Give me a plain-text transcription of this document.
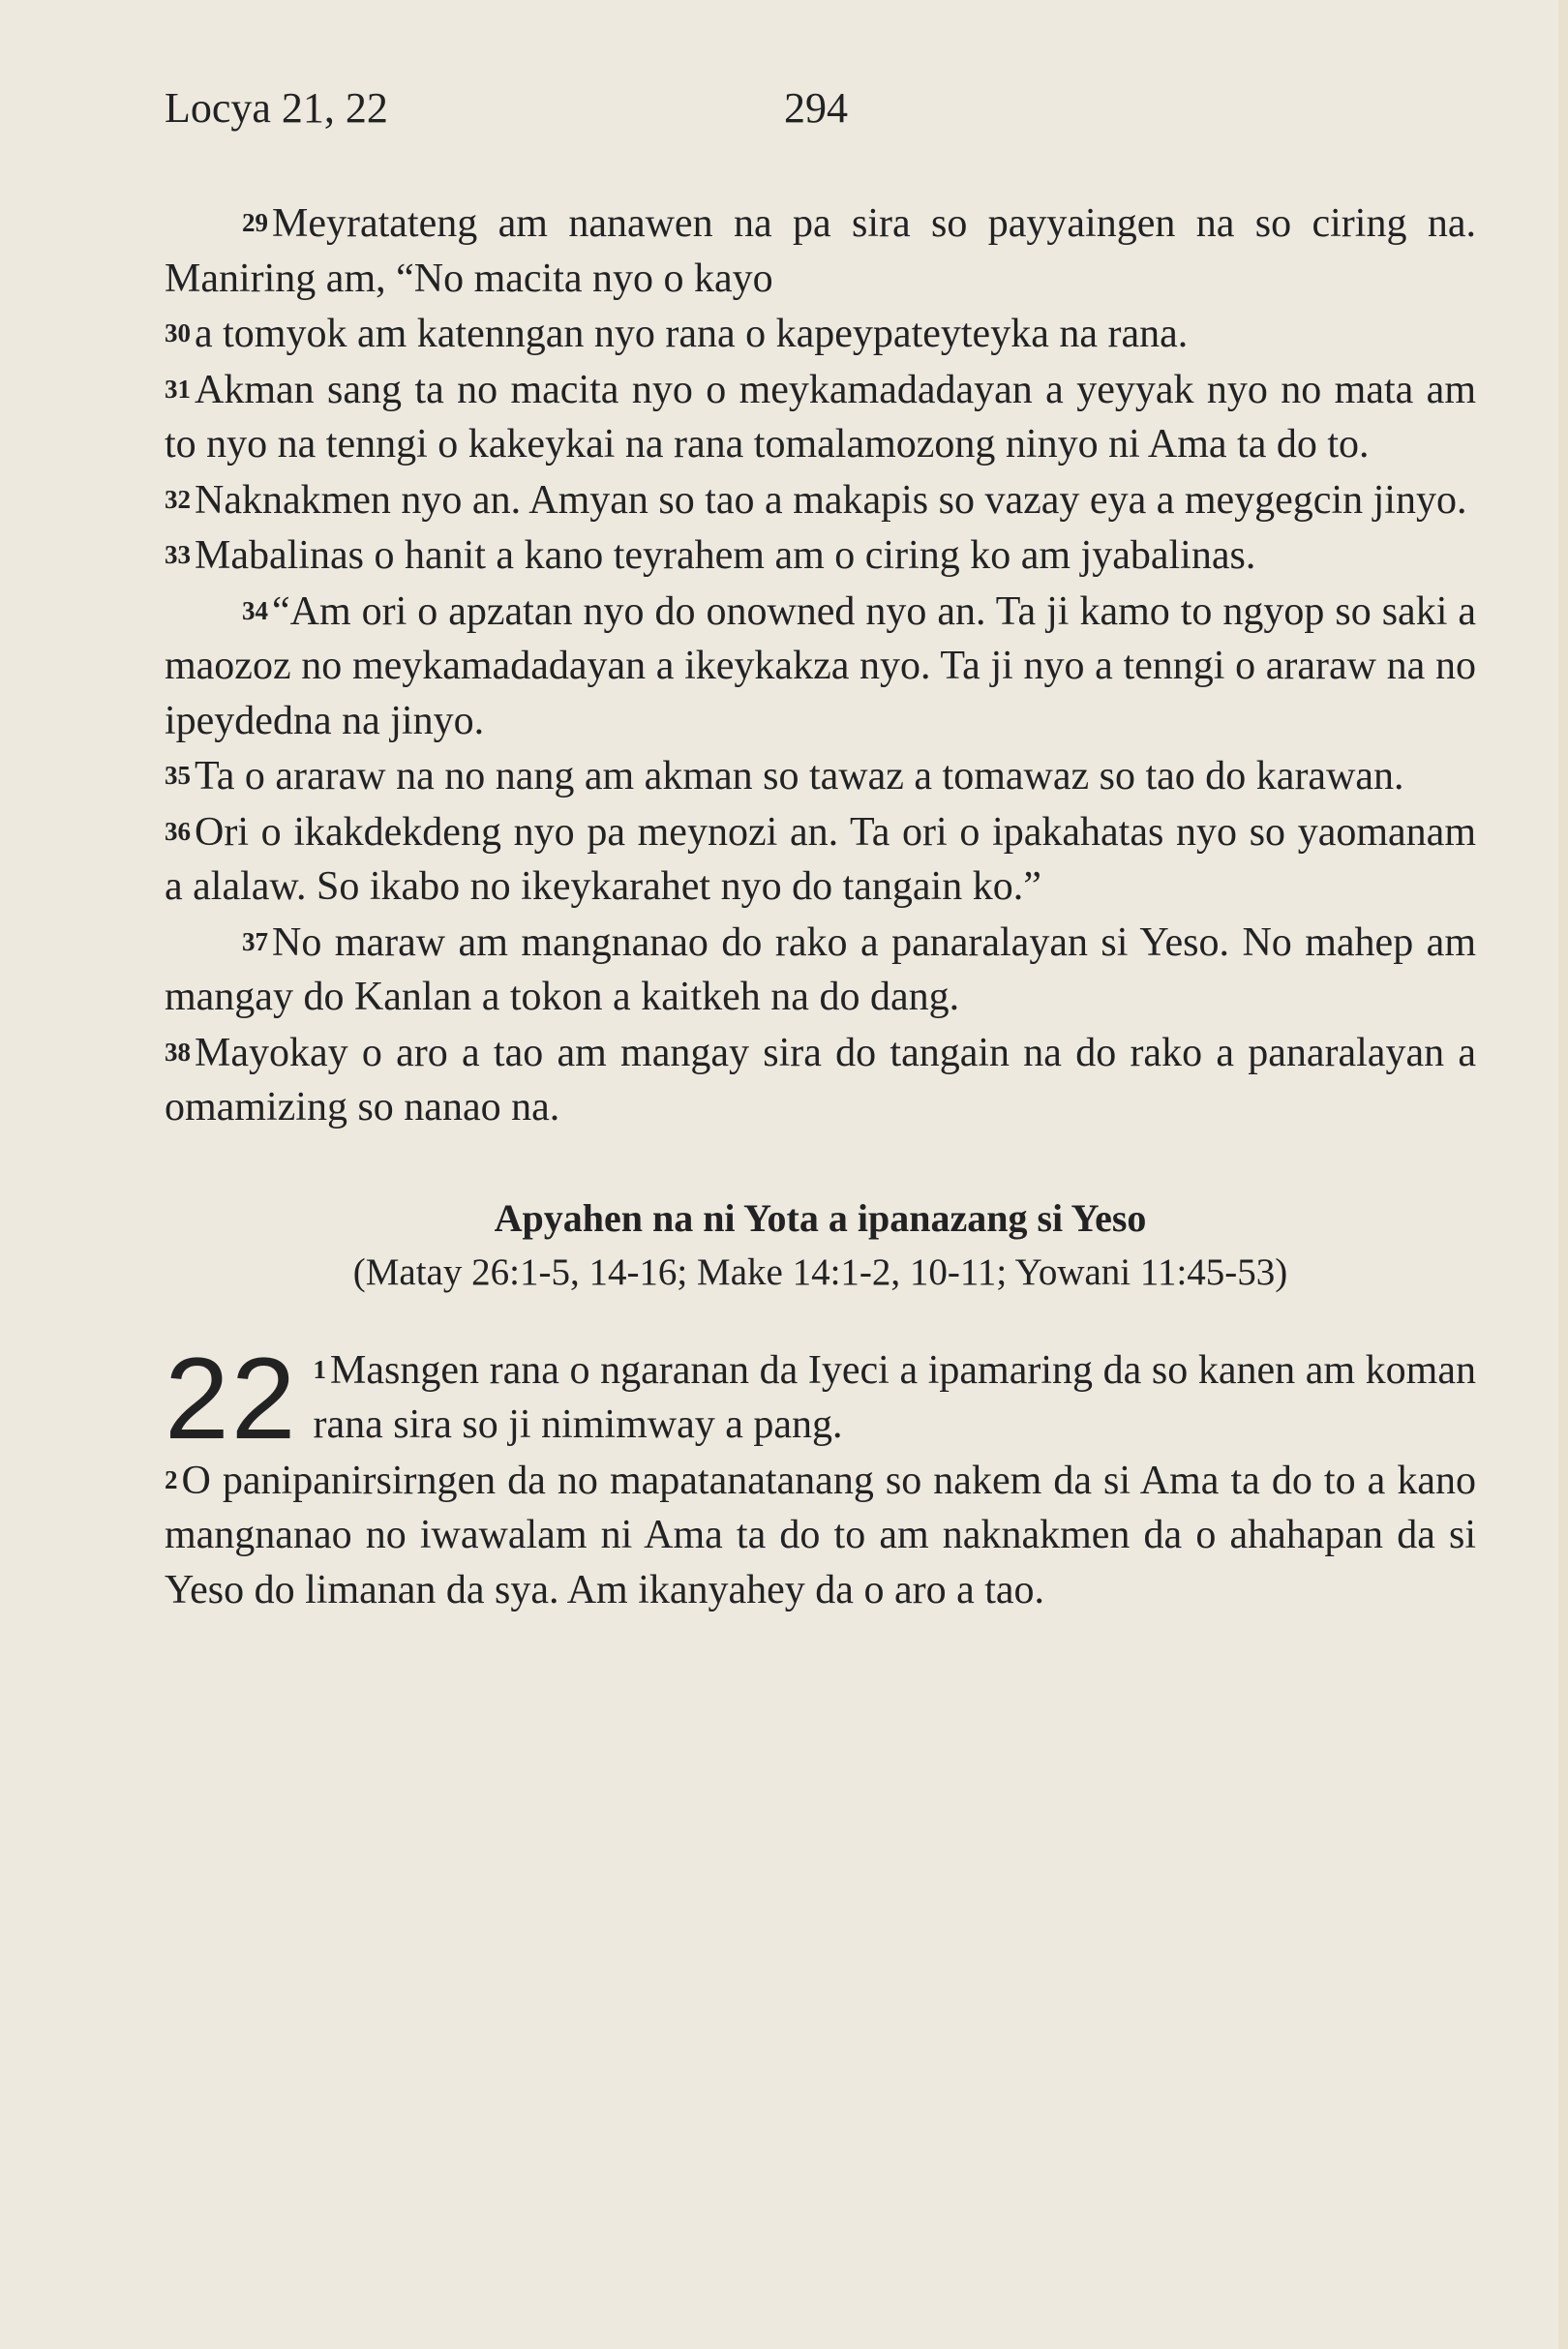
Locya 21, 22	294

29Meyratateng am nanawen na pa sira so payyaingen na so ciring na. Maniring am, “No macita nyo o kayo

30a tomyok am katenngan nyo rana o kapeypateyteyka na rana.

31Akman sang ta no macita nyo o meykamadadayan a yeyyak nyo no mata am to nyo na tenngi o kakeykai na rana tomalamozong ninyo ni Ama ta do to.

32Naknakmen nyo an. Amyan so tao a makapis so vazay eya a meygegcin jinyo.

33Mabalinas o hanit a kano teyrahem am o ciring ko am jyabalinas.

34“Am ori o apzatan nyo do onowned nyo an. Ta ji kamo to ngyop so saki a maozoz no meykamadadayan a ikeykakza nyo. Ta ji nyo a tenngi o araraw na no ipeydedna na jinyo.

35Ta o araraw na no nang am akman so tawaz a tomawaz so tao do karawan.

36Ori o ikakdekdeng nyo pa meynozi an. Ta ori o ipakahatas nyo so yaomanam a alalaw. So ikabo no ikeykarahet nyo do tangain ko.”

37No maraw am mangnanao do rako a panaralayan si Yeso. No mahep am mangay do Kanlan a tokon a kaitkeh na do dang.

38Mayokay o aro a tao am mangay sira do tangain na do rako a panaralayan a omamizing so nanao na.

Apyahen na ni Yota a ipanazang si Yeso

(Matay 26:1-5, 14-16; Make 14:1-2, 10-11; Yowani 11:45-53)

22 1Masngen rana o ngaranan da Iyeci a ipamaring da so kanen am koman rana sira so ji nimimway a pang.

2O panipanirsirngen da no mapatanatanang so nakem da si Ama ta do to a kano mangnanao no iwawalam ni Ama ta do to am naknakmen da o ahahapan da si Yeso do limanan da sya. Am ikanyahey da o aro a tao.
